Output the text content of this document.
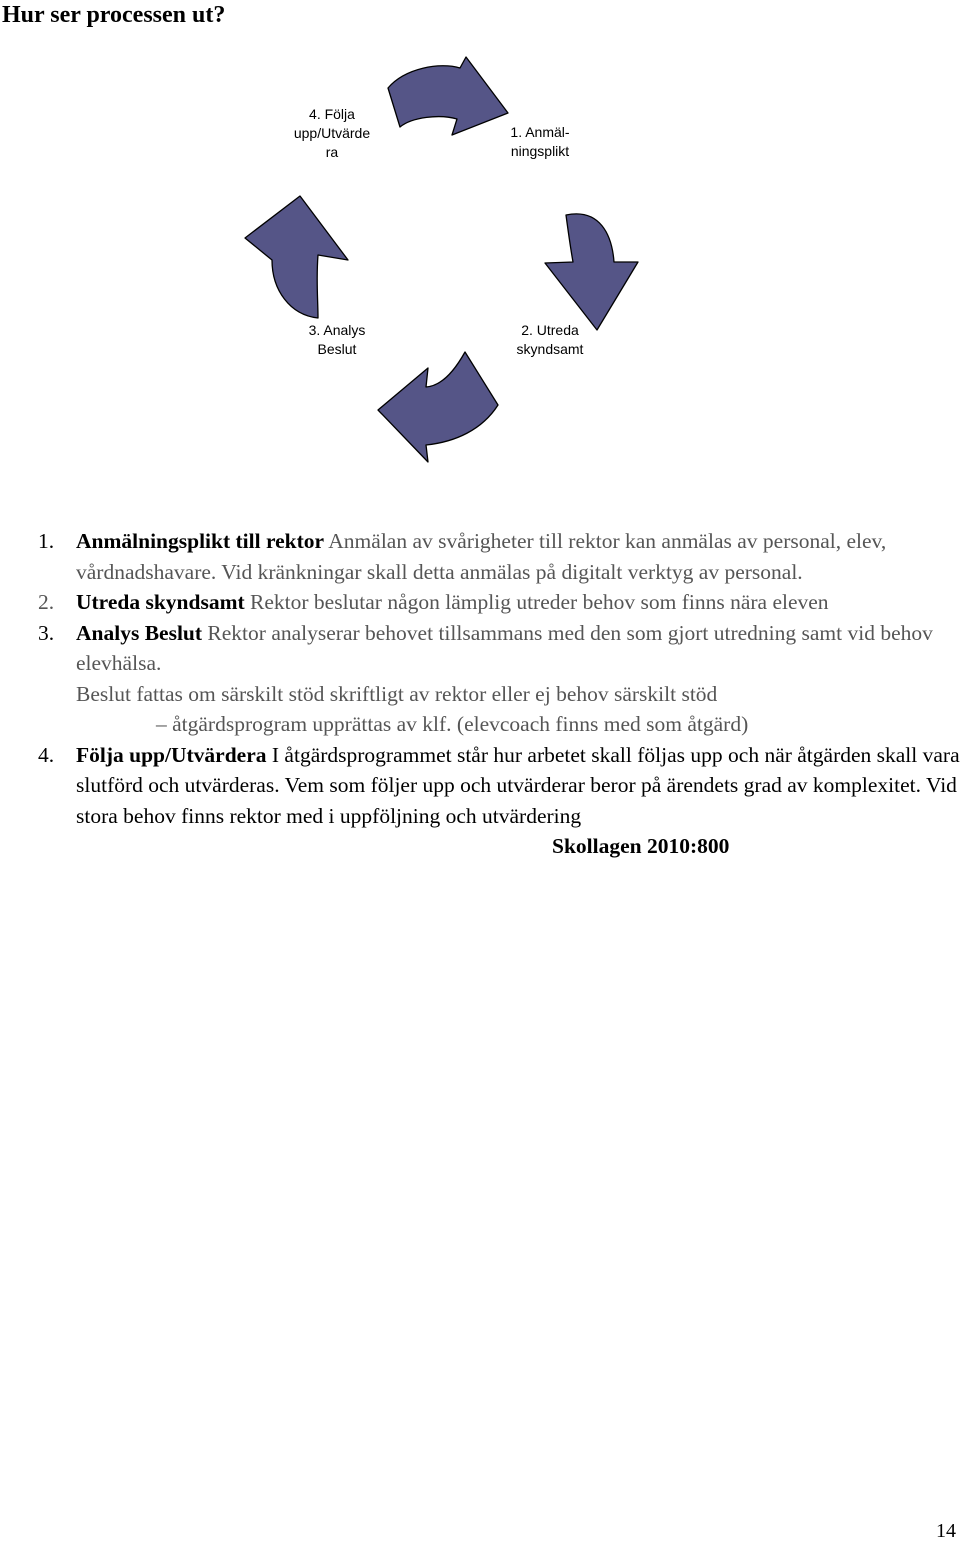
Hur ser processen ut?
4. Följa
upp/Utvärde
ra
1. Anmäl-
ningsplikt
3. Analys
Beslut
2. Utreda
skyndsamt
1. Anmälningsplikt till rektor Anmälan av svårigheter till rektor kan anmälas av personal, elev, vårdnadshavare. Vid kränkningar skall detta anmälas på digitalt verktyg av personal.
2. Utreda skyndsamt Rektor beslutar någon lämplig utreder behov som finns nära eleven
3. Analys Beslut Rektor analyserar behovet tillsammans med den som gjort utredning samt vid behov elevhälsa.
Beslut fattas om särskilt stöd skriftligt av rektor eller ej behov särskilt stöd
– åtgärdsprogram upprättas av klf. (elevcoach finns med som åtgärd)
4. Följa upp/Utvärdera I åtgärdsprogrammet står hur arbetet skall följas upp och när åtgärden skall vara slutförd och utvärderas. Vem som följer upp och utvärderar beror på ärendets grad av komplexitet. Vid stora behov finns rektor med i uppföljning och utvärdering
Skollagen 2010:800
14
